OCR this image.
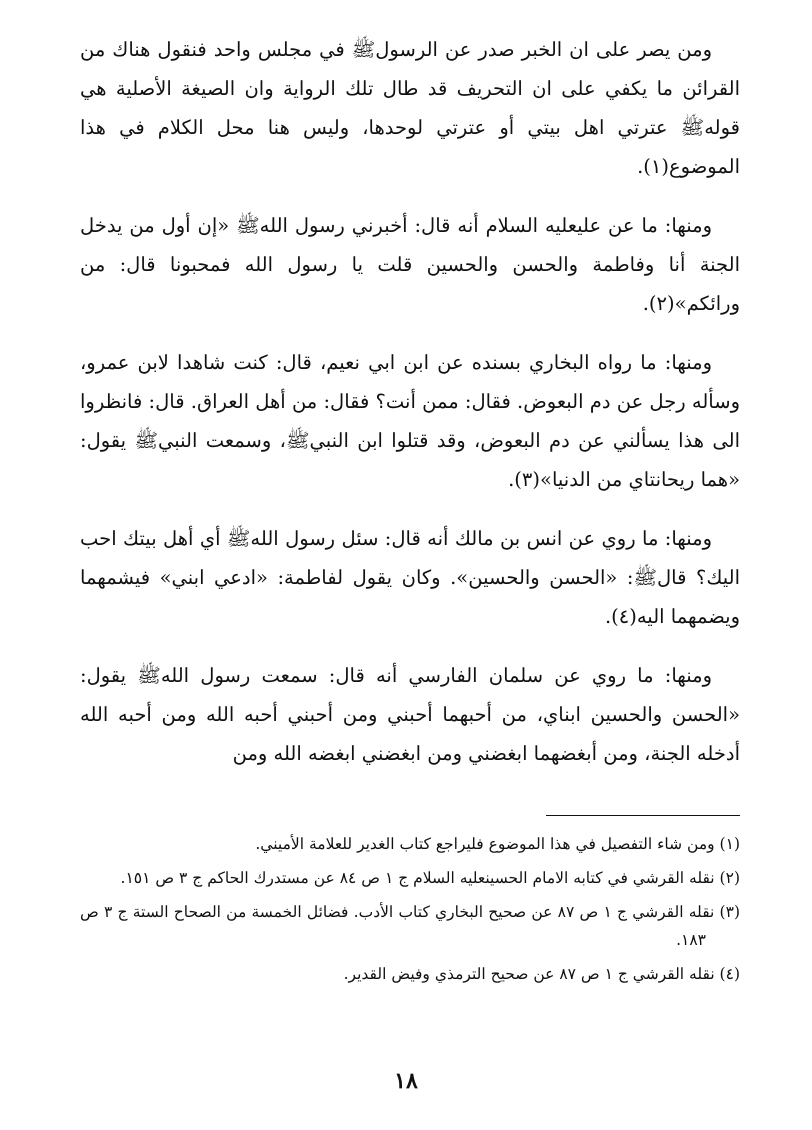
ومن يصر على ان الخبر صدر عن الرسولﷺ في مجلس واحد فنقول هناك من القرائن ما يكفي على ان التحريف قد طال تلك الرواية وان الصيغة الأصلية هي قولهﷺ عترتي اهل بيتي أو عترتي لوحدها، وليس هنا محل الكلام في هذا الموضوع(١).

ومنها: ما عن عليعليه السلام أنه قال: أخبرني رسول اللهﷺ «إن أول من يدخل الجنة أنا وفاطمة والحسن والحسين قلت يا رسول الله فمحبونا قال: من ورائكم»(٢).

ومنها: ما رواه البخاري بسنده عن ابن ابي نعيم، قال: كنت شاهدا لابن عمرو، وسأله رجل عن دم البعوض. فقال: ممن أنت؟ فقال: من أهل العراق. قال: فانظروا الى هذا يسألني عن دم البعوض، وقد قتلوا ابن النبيﷺ، وسمعت النبيﷺ يقول: «هما ريحانتاي من الدنيا»(٣).

ومنها: ما روي عن انس بن مالك أنه قال: سئل رسول اللهﷺ أي أهل بيتك احب اليك؟ قالﷺ: «الحسن والحسين». وكان يقول لفاطمة: «ادعي ابني» فيشمهما ويضمهما اليه(٤).

ومنها: ما روي عن سلمان الفارسي أنه قال: سمعت رسول اللهﷺ يقول: «الحسن والحسين ابناي، من أحبهما أحبني ومن أحبني أحبه الله ومن أحبه الله أدخله الجنة، ومن أبغضهما ابغضني ومن ابغضني ابغضه الله ومن

(١) ومن شاء التفصيل في هذا الموضوع فليراجع كتاب الغدير للعلامة الأميني.

(٢) نقله القرشي في كتابه الامام الحسينعليه السلام ج ١ ص ٨٤ عن مستدرك الحاكم ج ٣ ص ١٥١.

(٣) نقله القرشي ج ١ ص ٨٧ عن صحيح البخاري كتاب الأدب. فضائل الخمسة من الصحاح الستة ج ٣ ص ١٨٣.

(٤) نقله القرشي ج ١ ص ٨٧ عن صحيح الترمذي وفيض القدير.

١٨
